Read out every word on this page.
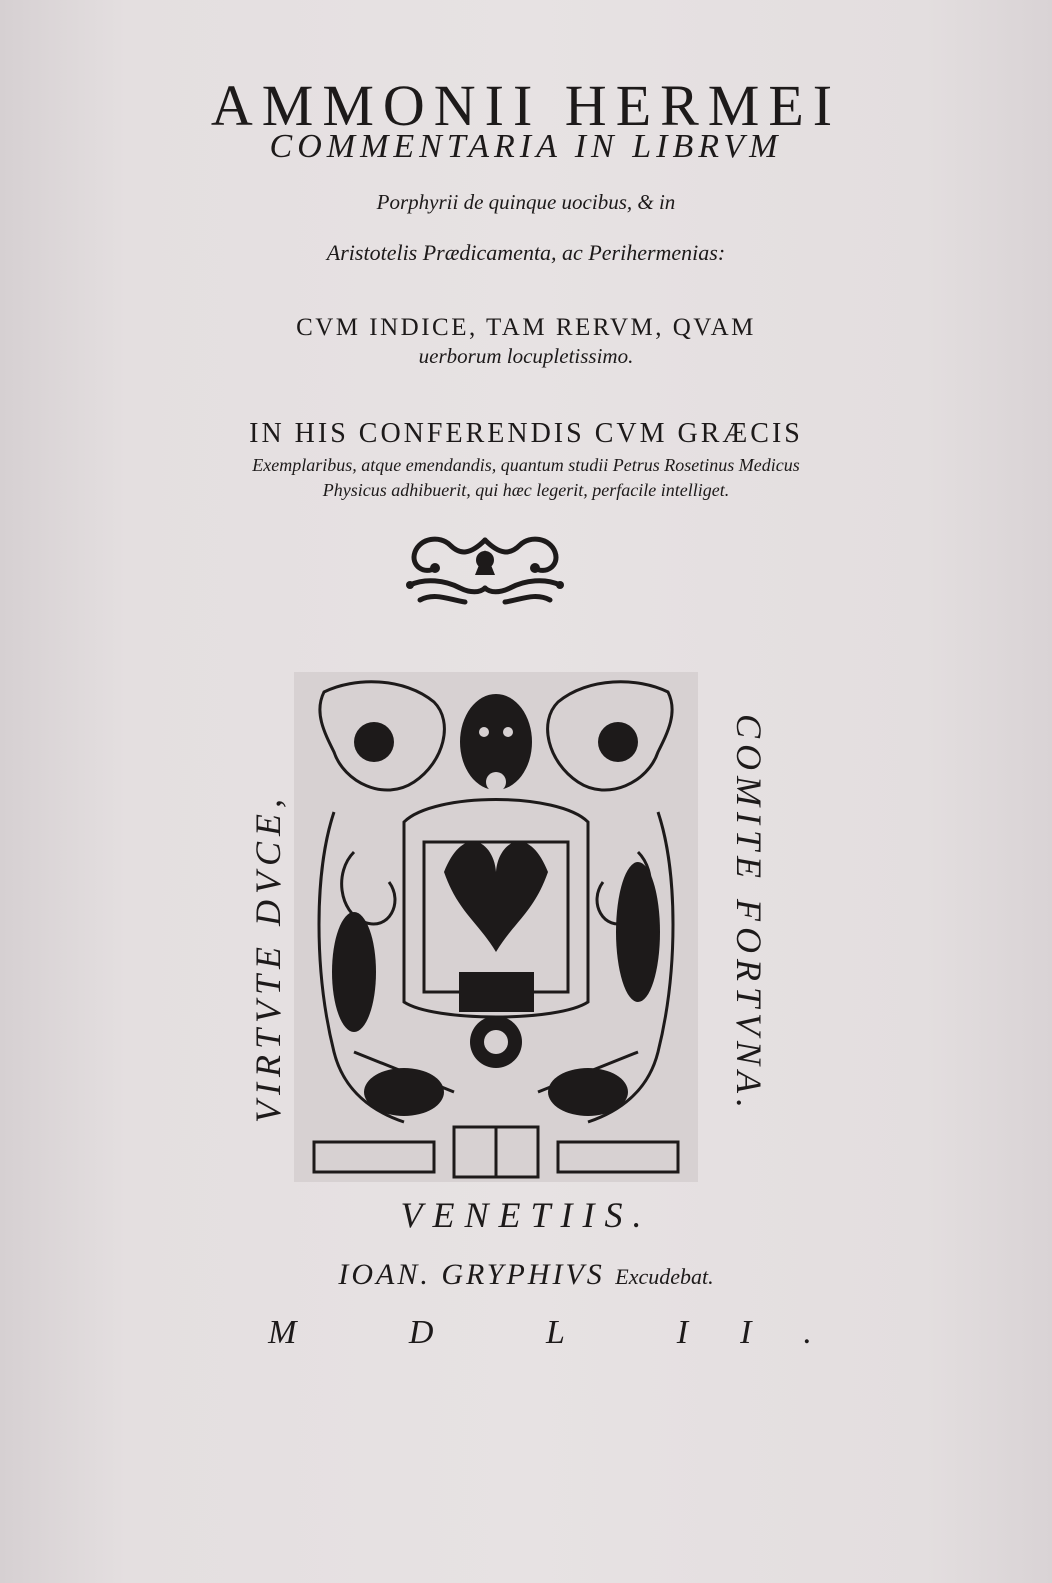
AMMONII HERMEI
COMMENTARIA IN LIBRVM
Porphyrii de quinque uocibus, & in
Aristotelis Prædicamenta, ac Perihermenias:
CVM INDICE, TAM RERVM, QVAM
uerborum locupletissimo.
IN HIS CONFERENDIS CVM GRÆCIS
Exemplaribus, atque emendandis, quantum studii Petrus Rosetinus Medicus
Physicus adhibuerit, qui hæc legerit, perfacile intelliget.
VIRTVTE DVCE,	COMITE FORTVNA.
VENETIIS.
IOAN. GRYPHIVS Excudebat.
M D L II.
